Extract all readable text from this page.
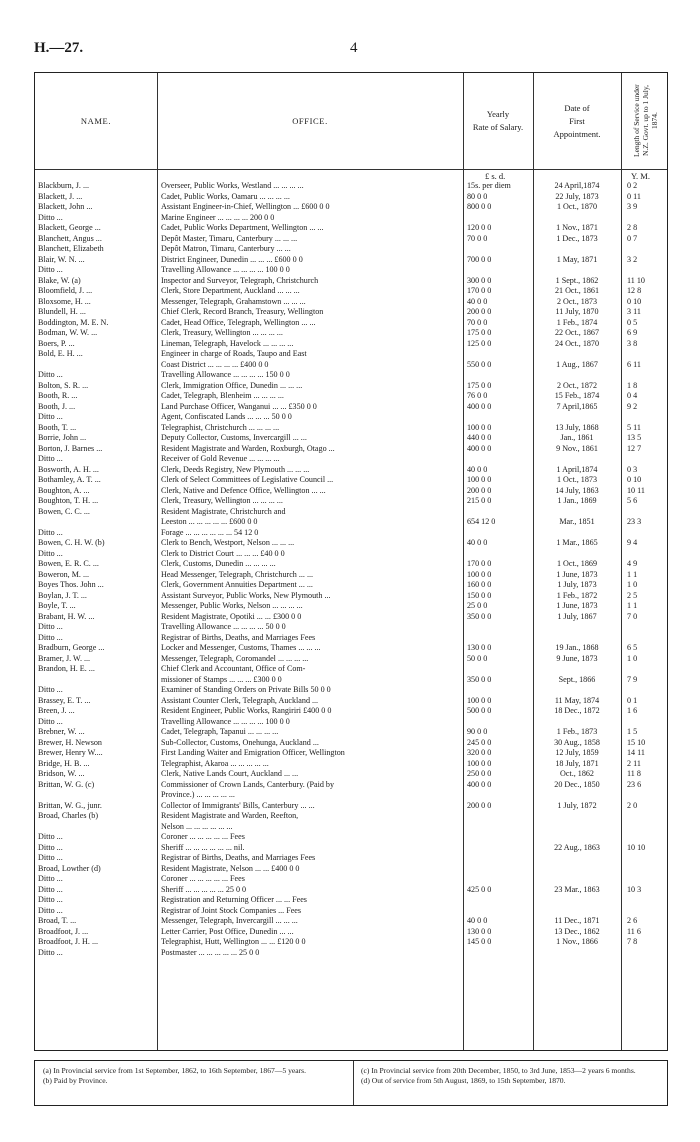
H.—27.	4
NAME.	OFFICE.
Yearly
Rate of Salary.
Date of
First
Appointment.	Length of Service under N.Z. Govt. up to 1 July, 1874.
£ s. d.	Y. M.
Blackburn, J. ...	Overseer, Public Works, Westland ... ... ... ...	15s. per diem	24 April,1874	0 2
Blackett, J. ...	Cadet, Public Works, Oamaru ... ... ... ...	80 0 0	22 July, 1873	0 11
Blackett, John ...	Assistant Engineer-in-Chief, Wellington ... £600 0 0	800 0 0	1 Oct., 1870	3 9
Ditto ...	Marine Engineer ... ... ... ... 200 0 0
Blackett, George ...	Cadet, Public Works Department, Wellington ... ...	120 0 0	1 Nov., 1871	2 8
Blanchett, Angus ...	Depôt Master, Timaru, Canterbury ... ... ...	70 0 0	1 Dec., 1873	0 7
Blanchett, Elizabeth	Depôt Matron, Timaru, Canterbury ... ...
Blair, W. N. ...	District Engineer, Dunedin ... ... ... £600 0 0	700 0 0	1 May, 1871	3 2
Ditto ...	Travelling Allowance ... ... ... ... 100 0 0
Blake, W. (a)	Inspector and Surveyor, Telegraph, Christchurch	300 0 0	1 Sept., 1862	11 10
Bloomfield, J. ...	Clerk, Store Department, Auckland ... ... ...	170 0 0	21 Oct., 1861	12 8
Bloxsome, H. ...	Messenger, Telegraph, Grahamstown ... ... ...	40 0 0	2 Oct., 1873	0 10
Blundell, H. ...	Chief Clerk, Record Branch, Treasury, Wellington	200 0 0	11 July, 1870	3 11
Boddington, M. E. N.	Cadet, Head Office, Telegraph, Wellington ... ...	70 0 0	1 Feb., 1874	0 5
Bodman, W. W. ...	Clerk, Treasury, Wellington ... ... ... ...	175 0 0	22 Oct., 1867	6 9
Boers, P. ...	Lineman, Telegraph, Havelock ... ... ... ...	125 0 0	24 Oct., 1870	3 8
Bold, E. H. ...	Engineer in charge of Roads, Taupo and East
Coast District ... ... ... ... £400 0 0	550 0 0	1 Aug., 1867	6 11
Ditto ...	Travelling Allowance ... ... ... ... 150 0 0
Bolton, S. R. ...	Clerk, Immigration Office, Dunedin ... ... ...	175 0 0	2 Oct., 1872	1 8
Booth, R. ...	Cadet, Telegraph, Blenheim ... ... ... ...	76 0 0	15 Feb., 1874	0 4
Booth, J. ...	Land Purchase Officer, Wanganui ... ... £350 0 0	400 0 0	7 April,1865	9 2
Ditto ...	Agent, Confiscated Lands ... ... ... 50 0 0
Booth, T. ...	Telegraphist, Christchurch ... ... ... ...	100 0 0	13 July, 1868	5 11
Borrie, John ...	Deputy Collector, Customs, Invercargill ... ...	440 0 0	Jan., 1861	13 5
Borton, J. Barnes ...	Resident Magistrate and Warden, Roxburgh, Otago ...	400 0 0	9 Nov., 1861	12 7
Ditto ...	Receiver of Gold Revenue ... ... ... ...
Bosworth, A. H. ...	Clerk, Deeds Registry, New Plymouth ... ... ...	40 0 0	1 April,1874	0 3
Bothamley, A. T. ...	Clerk of Select Committees of Legislative Council ...	100 0 0	1 Oct., 1873	0 10
Boughton, A. ...	Clerk, Native and Defence Office, Wellington ... ...	200 0 0	14 July, 1863	10 11
Boughton, T. H. ...	Clerk, Treasury, Wellington ... ... ... ...	215 0 0	1 Jan., 1869	5 6
Bowen, C. C. ...	Resident Magistrate, Christchurch and
Leeston ... ... ... ... ... £600 0 0	654 12 0	Mar., 1851	23 3
Ditto ...	Forage ... ... ... ... ... ... 54 12 0
Bowen, C. H. W. (b)	Clerk to Bench, Westport, Nelson ... ... ...	40 0 0	1 Mar., 1865	9 4
Ditto ...	Clerk to District Court ... ... ... £40 0 0
Bowen, E. R. C. ...	Clerk, Customs, Dunedin ... ... ... ...	170 0 0	1 Oct., 1869	4 9
Boweron, M. ...	Head Messenger, Telegraph, Christchurch ... ...	100 0 0	1 June, 1873	1 1
Boyes Thos. John ...	Clerk, Government Annuities Department ... ...	160 0 0	1 July, 1873	1 0
Boylan, J. T. ...	Assistant Surveyor, Public Works, New Plymouth ...	150 0 0	1 Feb., 1872	2 5
Boyle, T. ...	Messenger, Public Works, Nelson ... ... ... ...	25 0 0	1 June, 1873	1 1
Brabant, H. W. ...	Resident Magistrate, Opotiki ... ... £300 0 0	350 0 0	1 July, 1867	7 0
Ditto ...	Travelling Allowance ... ... ... ... 50 0 0
Ditto ...	Registrar of Births, Deaths, and Marriages Fees
Bradburn, George ...	Locker and Messenger, Customs, Thames ... ... ...	130 0 0	19 Jan., 1868	6 5
Bramer, J. W. ...	Messenger, Telegraph, Coromandel ... ... ... ...	50 0 0	9 June, 1873	1 0
Brandon, H. E. ...	Chief Clerk and Accountant, Office of Com-
missioner of Stamps ... ... ... £300 0 0	350 0 0	Sept., 1866	7 9
Ditto ...	Examiner of Standing Orders on Private Bills 50 0 0
Brassey, E. T. ...	Assistant Counter Clerk, Telegraph, Auckland ...	100 0 0	11 May, 1874	0 1
Breen, J. ...	Resident Engineer, Public Works, Rangiriri £400 0 0	500 0 0	18 Dec., 1872	1 6
Ditto ...	Travelling Allowance ... ... ... ... 100 0 0
Brebner, W. ...	Cadet, Telegraph, Tapanui ... ... ... ...	90 0 0	1 Feb., 1873	1 5
Brewer, H. Newson	Sub-Collector, Customs, Onehunga, Auckland ...	245 0 0	30 Aug., 1858	15 10
Brewer, Henry W....	First Landing Waiter and Emigration Officer, Wellington	320 0 0	12 July, 1859	14 11
Bridge, H. B. ...	Telegraphist, Akaroa ... ... ... ... ...	100 0 0	18 July, 1871	2 11
Bridson, W. ...	Clerk, Native Lands Court, Auckland ... ...	250 0 0	Oct., 1862	11 8
Brittan, W. G. (c)	Commissioner of Crown Lands, Canterbury. (Paid by	400 0 0	20 Dec., 1850	23 6
Province.) ... ... ... ... ...
Brittan, W. G., junr.	Collector of Immigrants' Bills, Canterbury ... ...	200 0 0	1 July, 1872	2 0
Broad, Charles (b)	Resident Magistrate and Warden, Reefton,
Nelson ... ... ... ... ... ...
Ditto ...	Coroner ... ... ... ... ... Fees
Ditto ...	Sheriff ... ... ... ... ... ... nil.	22 Aug., 1863	10 10
Ditto ...	Registrar of Births, Deaths, and Marriages Fees
Broad, Lowther (d)	Resident Magistrate, Nelson ... ... £400 0 0
Ditto ...	Coroner ... ... ... ... ... Fees
Ditto ...	Sheriff ... ... ... ... ... 25 0 0	425 0 0	23 Mar., 1863	10 3
Ditto ...	Registration and Returning Officer ... ... Fees
Ditto ...	Registrar of Joint Stock Companies ... Fees
Broad, T. ...	Messenger, Telegraph, Invercargill ... ... ...	40 0 0	11 Dec., 1871	2 6
Broadfoot, J. ...	Letter Carrier, Post Office, Dunedin ... ...	130 0 0	13 Dec., 1862	11 6
Broadfoot, J. H. ...	Telegraphist, Hutt, Wellington ... ... £120 0 0	145 0 0	1 Nov., 1866	7 8
Ditto ...	Postmaster ... ... ... ... ... 25 0 0
(a) In Provincial service from 1st September, 1862, to 16th September, 1867—5 years.
(b) Paid by Province.
(c) In Provincial service from 20th December, 1850, to 3rd June, 1853—2 years 6 months.
(d) Out of service from 5th August, 1869, to 15th September, 1870.
